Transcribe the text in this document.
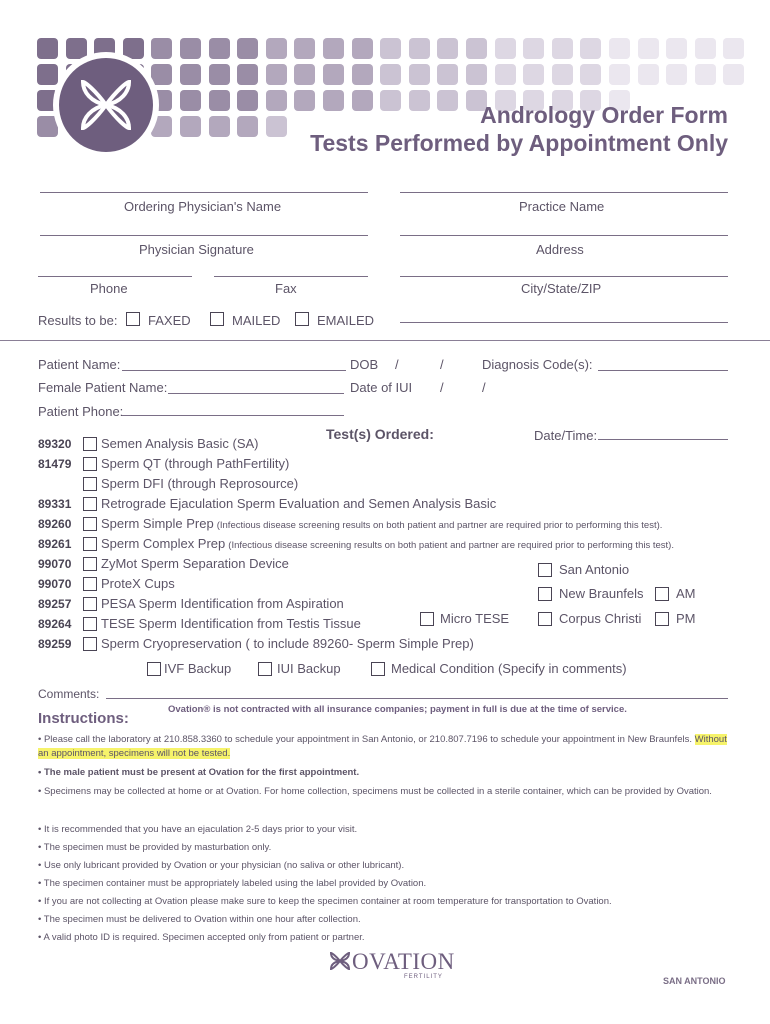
Andrology Order Form
Tests Performed by Appointment Only
Ordering Physician's Name	Practice Name
Physician Signature	Address
Phone	Fax	City/State/ZIP
Results to be: FAXED	MAILED	EMAILED
Patient Name:	DOB /	/	Diagnosis Code(s):
Female Patient Name:	Date of IUI /	/
Patient Phone:
Test(s) Ordered:	Date/Time:
89320 Semen Analysis Basic (SA)
81479 Sperm QT (through PathFertility)
Sperm DFI (through Reprosource)
89331 Retrograde Ejaculation Sperm Evaluation and Semen Analysis Basic
89260 Sperm Simple Prep (Infectious disease screening results on both patient and partner are required prior to performing this test).
89261 Sperm Complex Prep (Infectious disease screening results on both patient and partner are required prior to performing this test).
99070 ZyMot Sperm Separation Device
99070 ProteX Cups
89257 PESA Sperm Identification from Aspiration
89264 TESE Sperm Identification from Testis Tissue
89259 Sperm Cryopreservation ( to include 89260- Sperm Simple Prep)
Micro TESE
San Antonio
New Braunfels
Corpus Christi
AM
PM
IVF Backup	IUI Backup	Medical Condition (Specify in comments)
Comments:
Instructions:
Ovation® is not contracted with all insurance companies; payment in full is due at the time of service.
• Please call the laboratory at 210.858.3360 to schedule your appointment in San Antonio, or 210.807.7196 to schedule your appointment in New Braunfels. Without an appointment, specimens will not be tested.
• The male patient must be present at Ovation for the first appointment.
• Specimens may be collected at home or at Ovation. For home collection, specimens must be collected in a sterile container, which can be provided by Ovation.
• It is recommended that you have an ejaculation 2-5 days prior to your visit.
• The specimen must be provided by masturbation only.
• Use only lubricant provided by Ovation or your physician (no saliva or other lubricant).
• The specimen container must be appropriately labeled using the label provided by Ovation.
• If you are not collecting at Ovation please make sure to keep the specimen container at room temperature for transportation to Ovation.
• The specimen must be delivered to Ovation within one hour after collection.
• A valid photo ID is required. Specimen accepted only from patient or partner.
OVATION
FERTILITY	SAN ANTONIO
